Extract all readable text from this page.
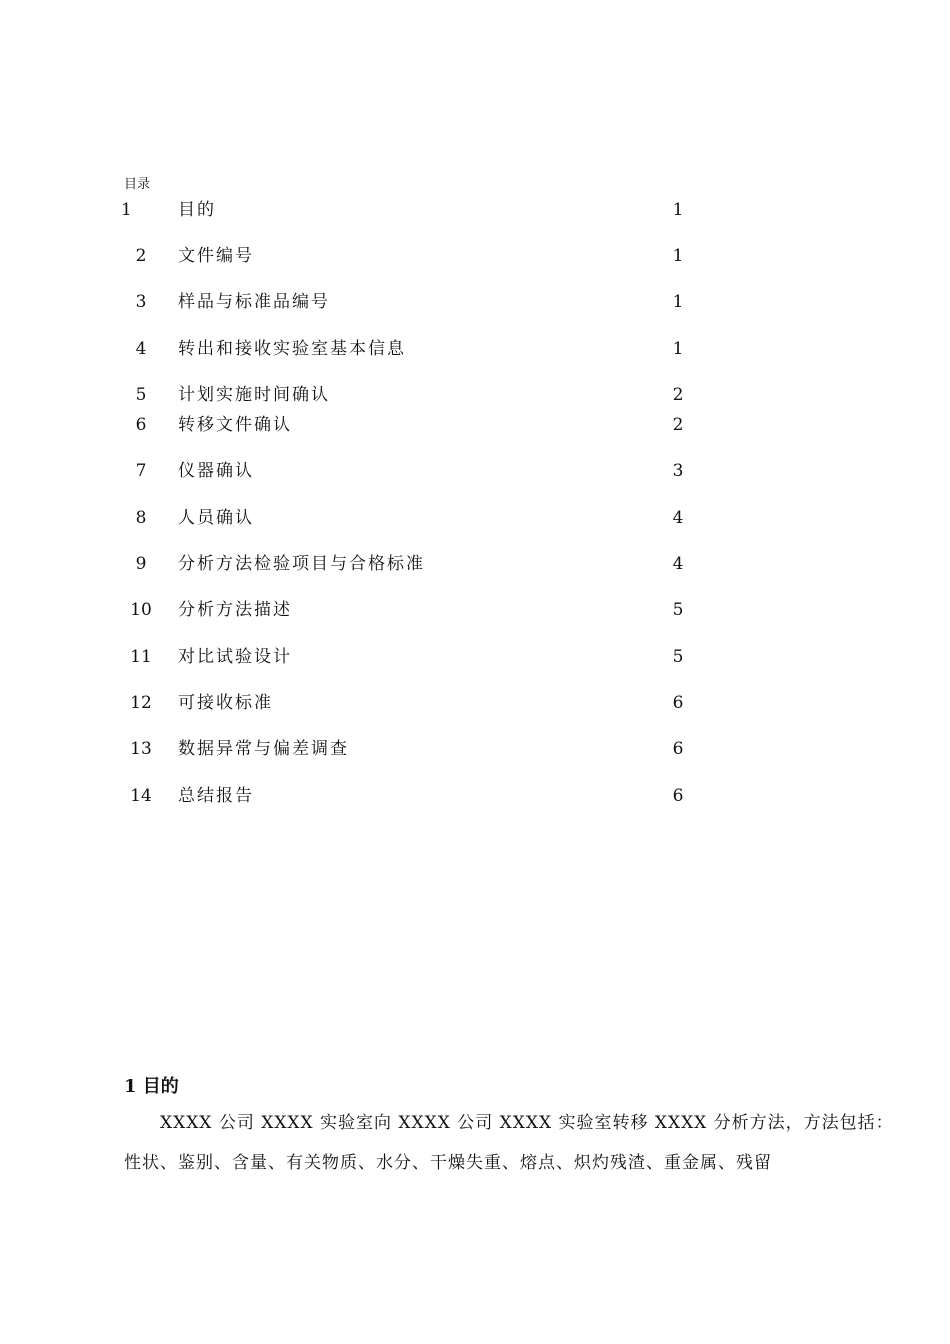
目录
1	目的	1
2	文件编号	1
3	样品与标准品编号	1
4	转出和接收实验室基本信息	1
5	计划实施时间确认	2
6	转移文件确认	2
7	仪器确认	3
8	人员确认	4
9	分析方法检验项目与合格标准	4
10	分析方法描述	5
11	对比试验设计	5
12	可接收标准	6
13	数据异常与偏差调查	6
14	总结报告	6
1 目的
XXXX 公司 XXXX 实验室向 XXXX 公司 XXXX 实验室转移 XXXX 分析方法，方法包括：
性状、鉴别、含量、有关物质、水分、干燥失重、熔点、炽灼残渣、重金属、残留
